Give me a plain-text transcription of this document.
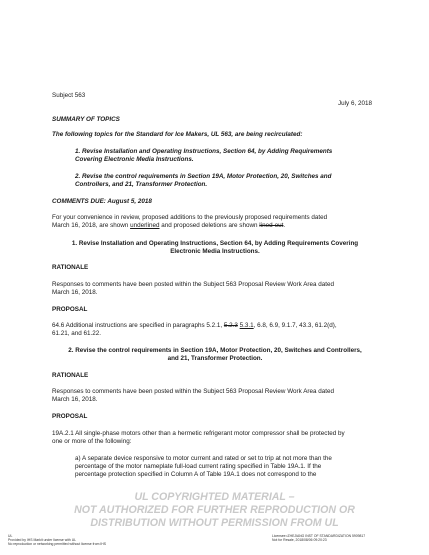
Subject 563
July 6, 2018
SUMMARY OF TOPICS
The following topics for the Standard for Ice Makers, UL 563, are being recirculated:
1. Revise Installation and Operating Instructions, Section 64, by Adding Requirements
Covering Electronic Media Instructions.
2. Revise the control requirements in Section 19A, Motor Protection, 20, Switches and
Controllers, and 21, Transformer Protection.
COMMENTS DUE: August 5, 2018
For your convenience in review, proposed additions to the previously proposed requirements dated
March 16, 2018, are shown underlined and proposed deletions are shown lined-out.
1. Revise Installation and Operating Instructions, Section 64, by Adding Requirements Covering
Electronic Media Instructions.
RATIONALE
Responses to comments have been posted within the Subject 563 Proposal Review Work Area dated
March 16, 2018.
PROPOSAL
64.6 Additional instructions are specified in paragraphs 5.2.1, 5.2.3 5.3.1, 6.8, 6.9, 9.1.7, 43.3, 61.2(d),
61.21, and 61.22.
2. Revise the control requirements in Section 19A, Motor Protection, 20, Switches and Controllers,
and 21, Transformer Protection.
RATIONALE
Responses to comments have been posted within the Subject 563 Proposal Review Work Area dated
March 16, 2018.
PROPOSAL
19A.2.1 All single-phase motors other than a hermetic refrigerant motor compressor shall be protected by
one or more of the following:
a) A separate device responsive to motor current and rated or set to trip at not more than the
percentage of the motor nameplate full-load current rating specified in Table 19A.1. If the
percentage protection specified in Column A of Table 19A.1 does not correspond to the
UL COPYRIGHTED MATERIAL –
NOT AUTHORIZED FOR FURTHER REPRODUCTION OR
DISTRIBUTION WITHOUT PERMISSION FROM UL
UL
Provided by IHS Markit under license with UL
No reproduction or networking permitted without license from IHS
Licensee=ZHEJIANG INST OF STANDARDIZATION 5909817
Not for Resale, 2018/08/06 09:20:23
